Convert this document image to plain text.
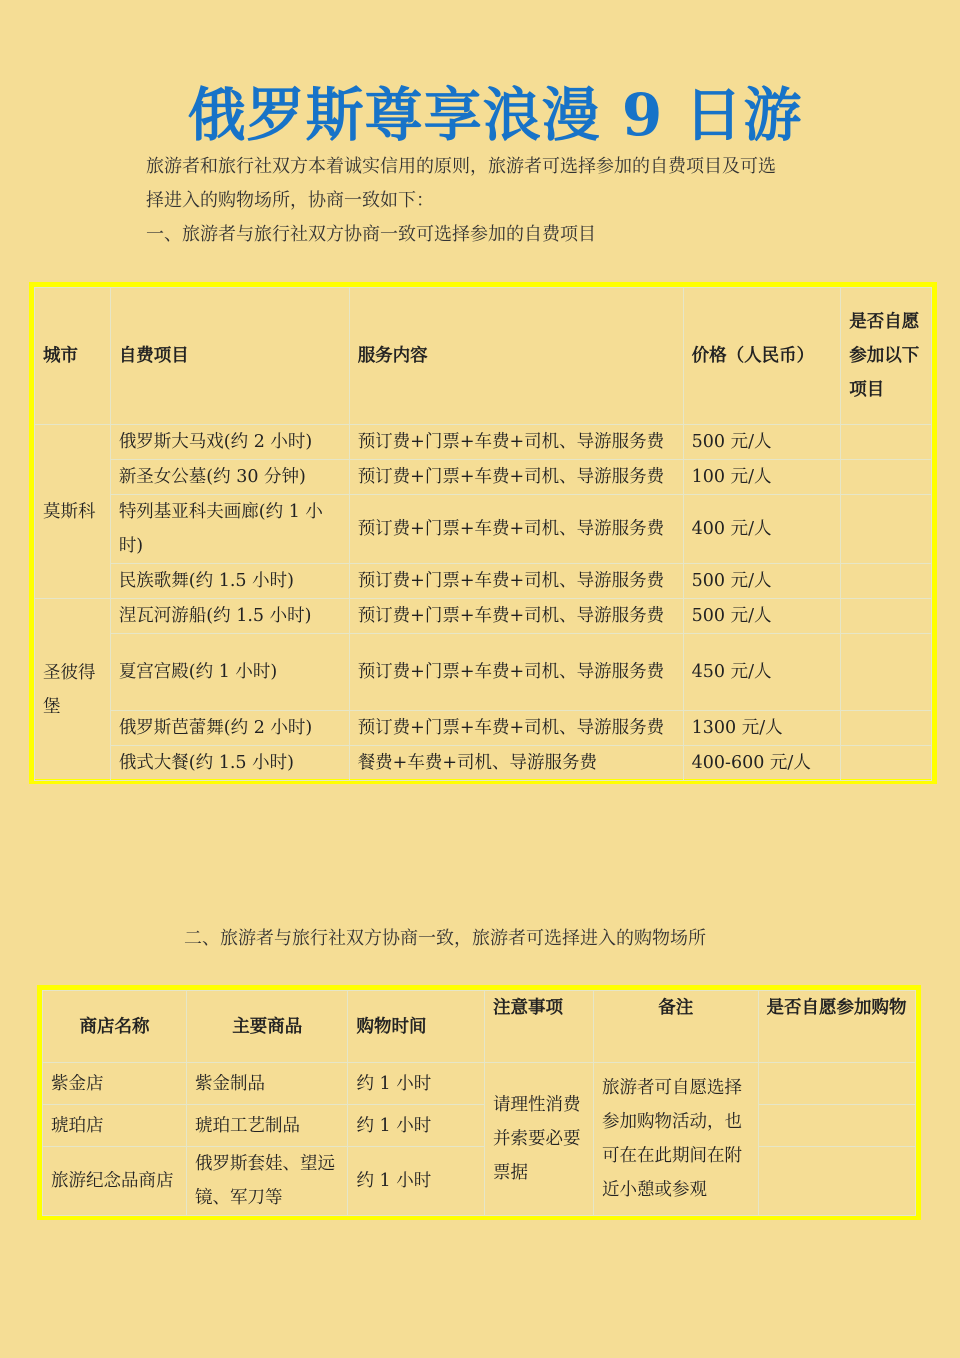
俄罗斯尊享浪漫 9 日游

旅游者和旅行社双方本着诚实信用的原则，旅游者可选择参加的自费项目及可选

择进入的购物场所，协商一致如下：

一、旅游者与旅行社双方协商一致可选择参加的自费项目

城市	自费项目	服务内容	价格（人民币）	是否自愿参加以下项目
莫斯科	俄罗斯大马戏(约 2 小时)	预订费+门票+车费+司机、导游服务费	500 元/人	
	新圣女公墓(约 30 分钟)	预订费+门票+车费+司机、导游服务费	100 元/人	
	特列基亚科夫画廊(约 1 小时)	预订费+门票+车费+司机、导游服务费	400 元/人	
	民族歌舞(约 1.5 小时)	预订费+门票+车费+司机、导游服务费	500 元/人	
圣彼得堡	涅瓦河游船(约 1.5 小时)	预订费+门票+车费+司机、导游服务费	500 元/人	
	夏宫宫殿(约 1 小时)	预订费+门票+车费+司机、导游服务费	450 元/人	
	俄罗斯芭蕾舞(约 2 小时)	预订费+门票+车费+司机、导游服务费	1300 元/人	
	俄式大餐(约 1.5 小时)	餐费+车费+司机、导游服务费	400-600 元/人	
二、旅游者与旅行社双方协商一致，旅游者可选择进入的购物场所
商店名称	主要商品	购物时间	注意事项	备注	是否自愿参加购物
紫金店	紫金制品	约 1 小时	请理性消费并索要必要票据	旅游者可自愿选择参加购物活动，也可在在此期间在附近小憩或参观	

琥珀店	琥珀工艺制品	约 1 小时			
旅游纪念品商店	俄罗斯套娃、望远镜、军刀等	约 1 小时			
